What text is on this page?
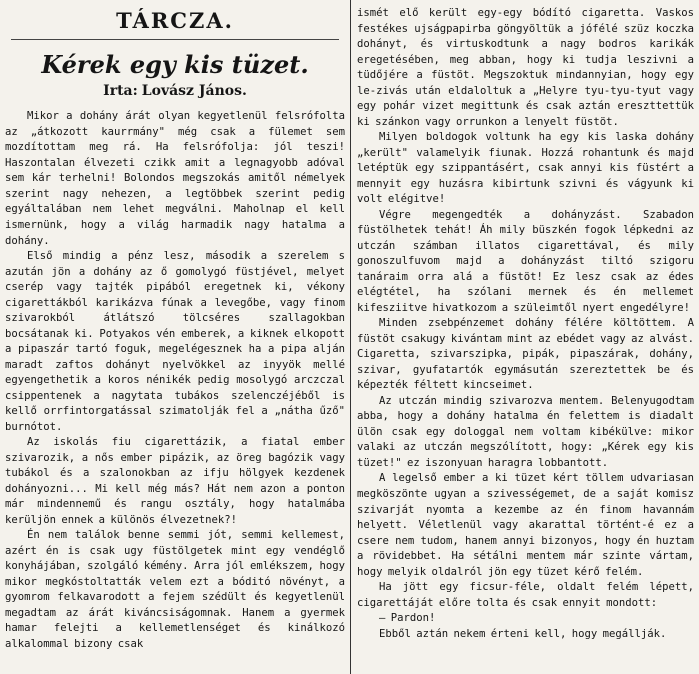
TÁRCZA.
Kérek egy kis tüzet.
Irta: Lovász János.

Mikor a dohány árát olyan kegyetlenül felsrófolta az „átkozott kaurrmány" még csak a fülemet sem mozdítottam meg rá. Ha felsrófolja: jól teszi! Haszontalan élvezeti czikk amit a legnagyobb adóval sem kár terhelni! Bolondos megszokás amitől némelyek szerint nagy nehezen, a legtöbbek szerint pedig egyáltalában nem lehet megválni. Maholnap el kell ismernünk, hogy a világ harmadik nagy hatalma a dohány.

Első mindig a pénz lesz, második a szerelem s azután jön a dohány az ő gomolygó füstjével, melyet cserép vagy tajték pipából eregetnek ki, vékony cigarettákból karikázva fúnak a levegőbe, vagy finom szivarokból átlátszó tölcséres szallagokban bocsátanak ki. Potyakos vén emberek, a kiknek elkopott a pipaszár tartó foguk, megelégesznek ha a pipa alján maradt zaftos dohányt nyelvökkel az inyyök mellé egyengethetik a koros nénikék pedig mosolygó arczczal csippentenek a nagytata tubákos szelenczéjéből is kellő orrfintorgatással szimatolják fel a „nátha űző" burnótot.

Az iskolás fiu cigarettázik, a fiatal ember szivarozik, a nős ember pipázik, az öreg bagózik vagy tubákol és a szalonokban az ifju hölgyek kezdenek dohányozni... Mi kell még más? Hát nem azon a ponton már mindennemű és rangu osztály, hogy hatalmába kerüljön ennek a különös élvezetnek?!

Én nem találok benne semmi jót, semmi kellemest, azért én is csak ugy füstölgetek mint egy vendéglő konyhájában, szolgáló kémény. Arra jól emlékszem, hogy mikor megkóstoltatták velem ezt a bóditó növényt, a gyomrom felkavarodott a fejem szédült és kegyetlenül megadtam az árát kiváncsiságomnak. Hanem a gyermek hamar felejti a kellemetlenséget és kinálkozó alkalommal bizony csak

ismét elő került egy-egy bódító cigaretta. Vaskos festékes ujságpapirba göngyöltük a jófélé szüz koczka dohányt, és virtuskodtunk a nagy bodros karikák eregetésében, meg abban, hogy ki tudja leszivni a tüdőjére a füstöt. Megszoktuk mindannyian, hogy egy le-zivás után eldaloltuk a „Helyre tyu-tyu-tyut vagy egy pohár vizet megittunk és csak aztán ereszttettük ki szánkon vagy orrunkon a lenyelt füstöt.

Milyen boldogok voltunk ha egy kis laska dohány „került" valamelyik fiunak. Hozzá rohantunk és majd letéptük egy szippantásért, csak annyi kis füstért a mennyit egy huzásra kibirtunk szivni és vágyunk ki volt elégitve!

Végre megengedték a dohányzást. Szabadon füstölhetek tehát! Áh mily büszkén fogok lépkedni az utczán számban illatos cigarettával, és mily gonoszulfuvom majd a dohányzást tiltó szigoru tanáraim orra alá a füstöt! Ez lesz csak az édes elégtétel, ha szólani mernek és én mellemet kifesziitve hivatkozom a szüleimtől nyert engedélyre!

Minden zsebpénzemet dohány félére költöttem. A füstöt csakugy kivántam mint az ebédet vagy az alvást. Cigaretta, szivarszipka, pipák, pipaszárak, dohány, szivar, gyufatartók egymásután szereztettek be és képezték féltett kincseimet.

Az utczán mindig szivarozva mentem. Belenyugodtam abba, hogy a dohány hatalma én felettem is diadalt ülön csak egy dologgal nem voltam kibékülve: mikor valaki az utczán megszólított, hogy: „Kérek egy kis tüzet!" ez iszonyuan haragra lobbantott.

A legelső ember a ki tüzet kért töllem udvariasan megköszönte ugyan a szivességemet, de a saját komisz szivarját nyomta a kezembe az én finom havannám helyett. Véletlenül vagy akarattal történt-é ez a csere nem tudom, hanem annyi bizonyos, hogy én huztam a rövidebbet. Ha sétálni mentem már szinte vártam, hogy melyik oldalról jön egy tüzet kérő felém.

Ha jött egy ficsur-féle, oldalt felém lépett, cigarettáját előre tolta és csak ennyit mondott:

— Pardon!

Ebből aztán nekem érteni kell, hogy megállják.
